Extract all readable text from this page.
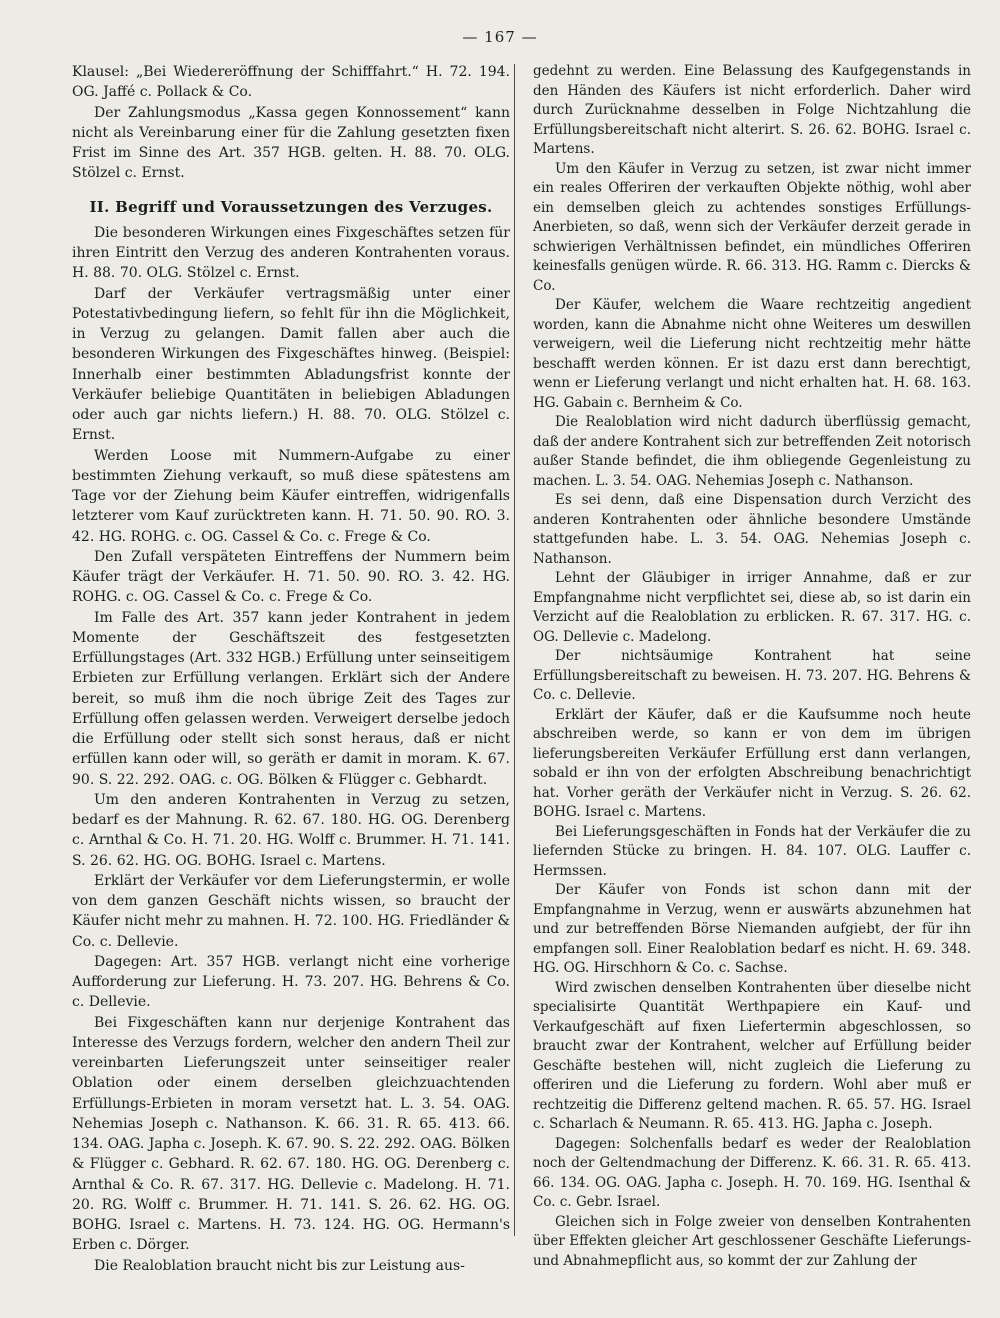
— 167 —

Klausel: „Bei Wiedereröffnung der Schifffahrt.“ H. 72. 194. OG. Jaffé c. Pollack & Co.

Der Zahlungsmodus „Kassa gegen Konnossement“ kann nicht als Vereinbarung einer für die Zahlung gesetzten fixen Frist im Sinne des Art. 357 HGB. gelten. H. 88. 70. OLG. Stölzel c. Ernst.

II. Begriff und Voraussetzungen des Verzuges.

Die besonderen Wirkungen eines Fixgeschäftes setzen für ihren Eintritt den Verzug des anderen Kontrahenten voraus. H. 88. 70. OLG. Stölzel c. Ernst.

Darf der Verkäufer vertragsmäßig unter einer Potestativbedingung liefern, so fehlt für ihn die Möglichkeit, in Verzug zu gelangen. Damit fallen aber auch die besonderen Wirkungen des Fixgeschäftes hinweg. (Beispiel: Innerhalb einer bestimmten Abladungsfrist konnte der Verkäufer beliebige Quantitäten in beliebigen Abladungen oder auch gar nichts liefern.) H. 88. 70. OLG. Stölzel c. Ernst.

Werden Loose mit Nummern-Aufgabe zu einer bestimmten Ziehung verkauft, so muß diese spätestens am Tage vor der Ziehung beim Käufer eintreffen, widrigenfalls letzterer vom Kauf zurücktreten kann. H. 71. 50. 90. RO. 3. 42. HG. ROHG. c. OG. Cassel & Co. c. Frege & Co.

Den Zufall verspäteten Eintreffens der Nummern beim Käufer trägt der Verkäufer. H. 71. 50. 90. RO. 3. 42. HG. ROHG. c. OG. Cassel & Co. c. Frege & Co.

Im Falle des Art. 357 kann jeder Kontrahent in jedem Momente der Geschäftszeit des festgesetzten Erfüllungstages (Art. 332 HGB.) Erfüllung unter seinseitigem Erbieten zur Erfüllung verlangen. Erklärt sich der Andere bereit, so muß ihm die noch übrige Zeit des Tages zur Erfüllung offen gelassen werden. Verweigert derselbe jedoch die Erfüllung oder stellt sich sonst heraus, daß er nicht erfüllen kann oder will, so geräth er damit in moram. K. 67. 90. S. 22. 292. OAG. c. OG. Bölken & Flügger c. Gebhardt.

Um den anderen Kontrahenten in Verzug zu setzen, bedarf es der Mahnung. R. 62. 67. 180. HG. OG. Derenberg c. Arnthal & Co. H. 71. 20. HG. Wolff c. Brummer. H. 71. 141. S. 26. 62. HG. OG. BOHG. Israel c. Martens.

Erklärt der Verkäufer vor dem Lieferungstermin, er wolle von dem ganzen Geschäft nichts wissen, so braucht der Käufer nicht mehr zu mahnen. H. 72. 100. HG. Friedländer & Co. c. Dellevie.

Dagegen: Art. 357 HGB. verlangt nicht eine vorherige Aufforderung zur Lieferung. H. 73. 207. HG. Behrens & Co. c. Dellevie.

Bei Fixgeschäften kann nur derjenige Kontrahent das Interesse des Verzugs fordern, welcher den andern Theil zur vereinbarten Lieferungszeit unter seinseitiger realer Oblation oder einem derselben gleichzuachtenden Erfüllungs-Erbieten in moram versetzt hat. L. 3. 54. OAG. Nehemias Joseph c. Nathanson. K. 66. 31. R. 65. 413. 66. 134. OAG. Japha c. Joseph. K. 67. 90. S. 22. 292. OAG. Bölken & Flügger c. Gebhard. R. 62. 67. 180. HG. OG. Derenberg c. Arnthal & Co. R. 67. 317. HG. Dellevie c. Madelong. H. 71. 20. RG. Wolff c. Brummer. H. 71. 141. S. 26. 62. HG. OG. BOHG. Israel c. Martens. H. 73. 124. HG. OG. Hermann's Erben c. Dörger.

Die Realoblation braucht nicht bis zur Leistung aus-

gedehnt zu werden. Eine Belassung des Kaufgegenstands in den Händen des Käufers ist nicht erforderlich. Daher wird durch Zurücknahme desselben in Folge Nichtzahlung die Erfüllungsbereitschaft nicht alterirt. S. 26. 62. BOHG. Israel c. Martens.

Um den Käufer in Verzug zu setzen, ist zwar nicht immer ein reales Offeriren der verkauften Objekte nöthig, wohl aber ein demselben gleich zu achtendes sonstiges Erfüllungs-Anerbieten, so daß, wenn sich der Verkäufer derzeit gerade in schwierigen Verhältnissen befindet, ein mündliches Offeriren keinesfalls genügen würde. R. 66. 313. HG. Ramm c. Diercks & Co.

Der Käufer, welchem die Waare rechtzeitig angedient worden, kann die Abnahme nicht ohne Weiteres um deswillen verweigern, weil die Lieferung nicht rechtzeitig mehr hätte beschafft werden können. Er ist dazu erst dann berechtigt, wenn er Lieferung verlangt und nicht erhalten hat. H. 68. 163. HG. Gabain c. Bernheim & Co.

Die Realoblation wird nicht dadurch überflüssig gemacht, daß der andere Kontrahent sich zur betreffenden Zeit notorisch außer Stande befindet, die ihm obliegende Gegenleistung zu machen. L. 3. 54. OAG. Nehemias Joseph c. Nathanson.

Es sei denn, daß eine Dispensation durch Verzicht des anderen Kontrahenten oder ähnliche besondere Umstände stattgefunden habe. L. 3. 54. OAG. Nehemias Joseph c. Nathanson.

Lehnt der Gläubiger in irriger Annahme, daß er zur Empfangnahme nicht verpflichtet sei, diese ab, so ist darin ein Verzicht auf die Realoblation zu erblicken. R. 67. 317. HG. c. OG. Dellevie c. Madelong.

Der nichtsäumige Kontrahent hat seine Erfüllungsbereitschaft zu beweisen. H. 73. 207. HG. Behrens & Co. c. Dellevie.

Erklärt der Käufer, daß er die Kaufsumme noch heute abschreiben werde, so kann er von dem im übrigen lieferungsbereiten Verkäufer Erfüllung erst dann verlangen, sobald er ihn von der erfolgten Abschreibung benachrichtigt hat. Vorher geräth der Verkäufer nicht in Verzug. S. 26. 62. BOHG. Israel c. Martens.

Bei Lieferungsgeschäften in Fonds hat der Verkäufer die zu liefernden Stücke zu bringen. H. 84. 107. OLG. Lauffer c. Hermssen.

Der Käufer von Fonds ist schon dann mit der Empfangnahme in Verzug, wenn er auswärts abzunehmen hat und zur betreffenden Börse Niemanden aufgiebt, der für ihn empfangen soll. Einer Realoblation bedarf es nicht. H. 69. 348. HG. OG. Hirschhorn & Co. c. Sachse.

Wird zwischen denselben Kontrahenten über dieselbe nicht specialisirte Quantität Werthpapiere ein Kauf- und Verkaufgeschäft auf fixen Liefertermin abgeschlossen, so braucht zwar der Kontrahent, welcher auf Erfüllung beider Geschäfte bestehen will, nicht zugleich die Lieferung zu offeriren und die Lieferung zu fordern. Wohl aber muß er rechtzeitig die Differenz geltend machen. R. 65. 57. HG. Israel c. Scharlach & Neumann. R. 65. 413. HG. Japha c. Joseph.

Dagegen: Solchenfalls bedarf es weder der Realoblation noch der Geltendmachung der Differenz. K. 66. 31. R. 65. 413. 66. 134. OG. OAG. Japha c. Joseph. H. 70. 169. HG. Isenthal & Co. c. Gebr. Israel.

Gleichen sich in Folge zweier von denselben Kontrahenten über Effekten gleicher Art geschlossener Geschäfte Lieferungs- und Abnahmepflicht aus, so kommt der zur Zahlung der
